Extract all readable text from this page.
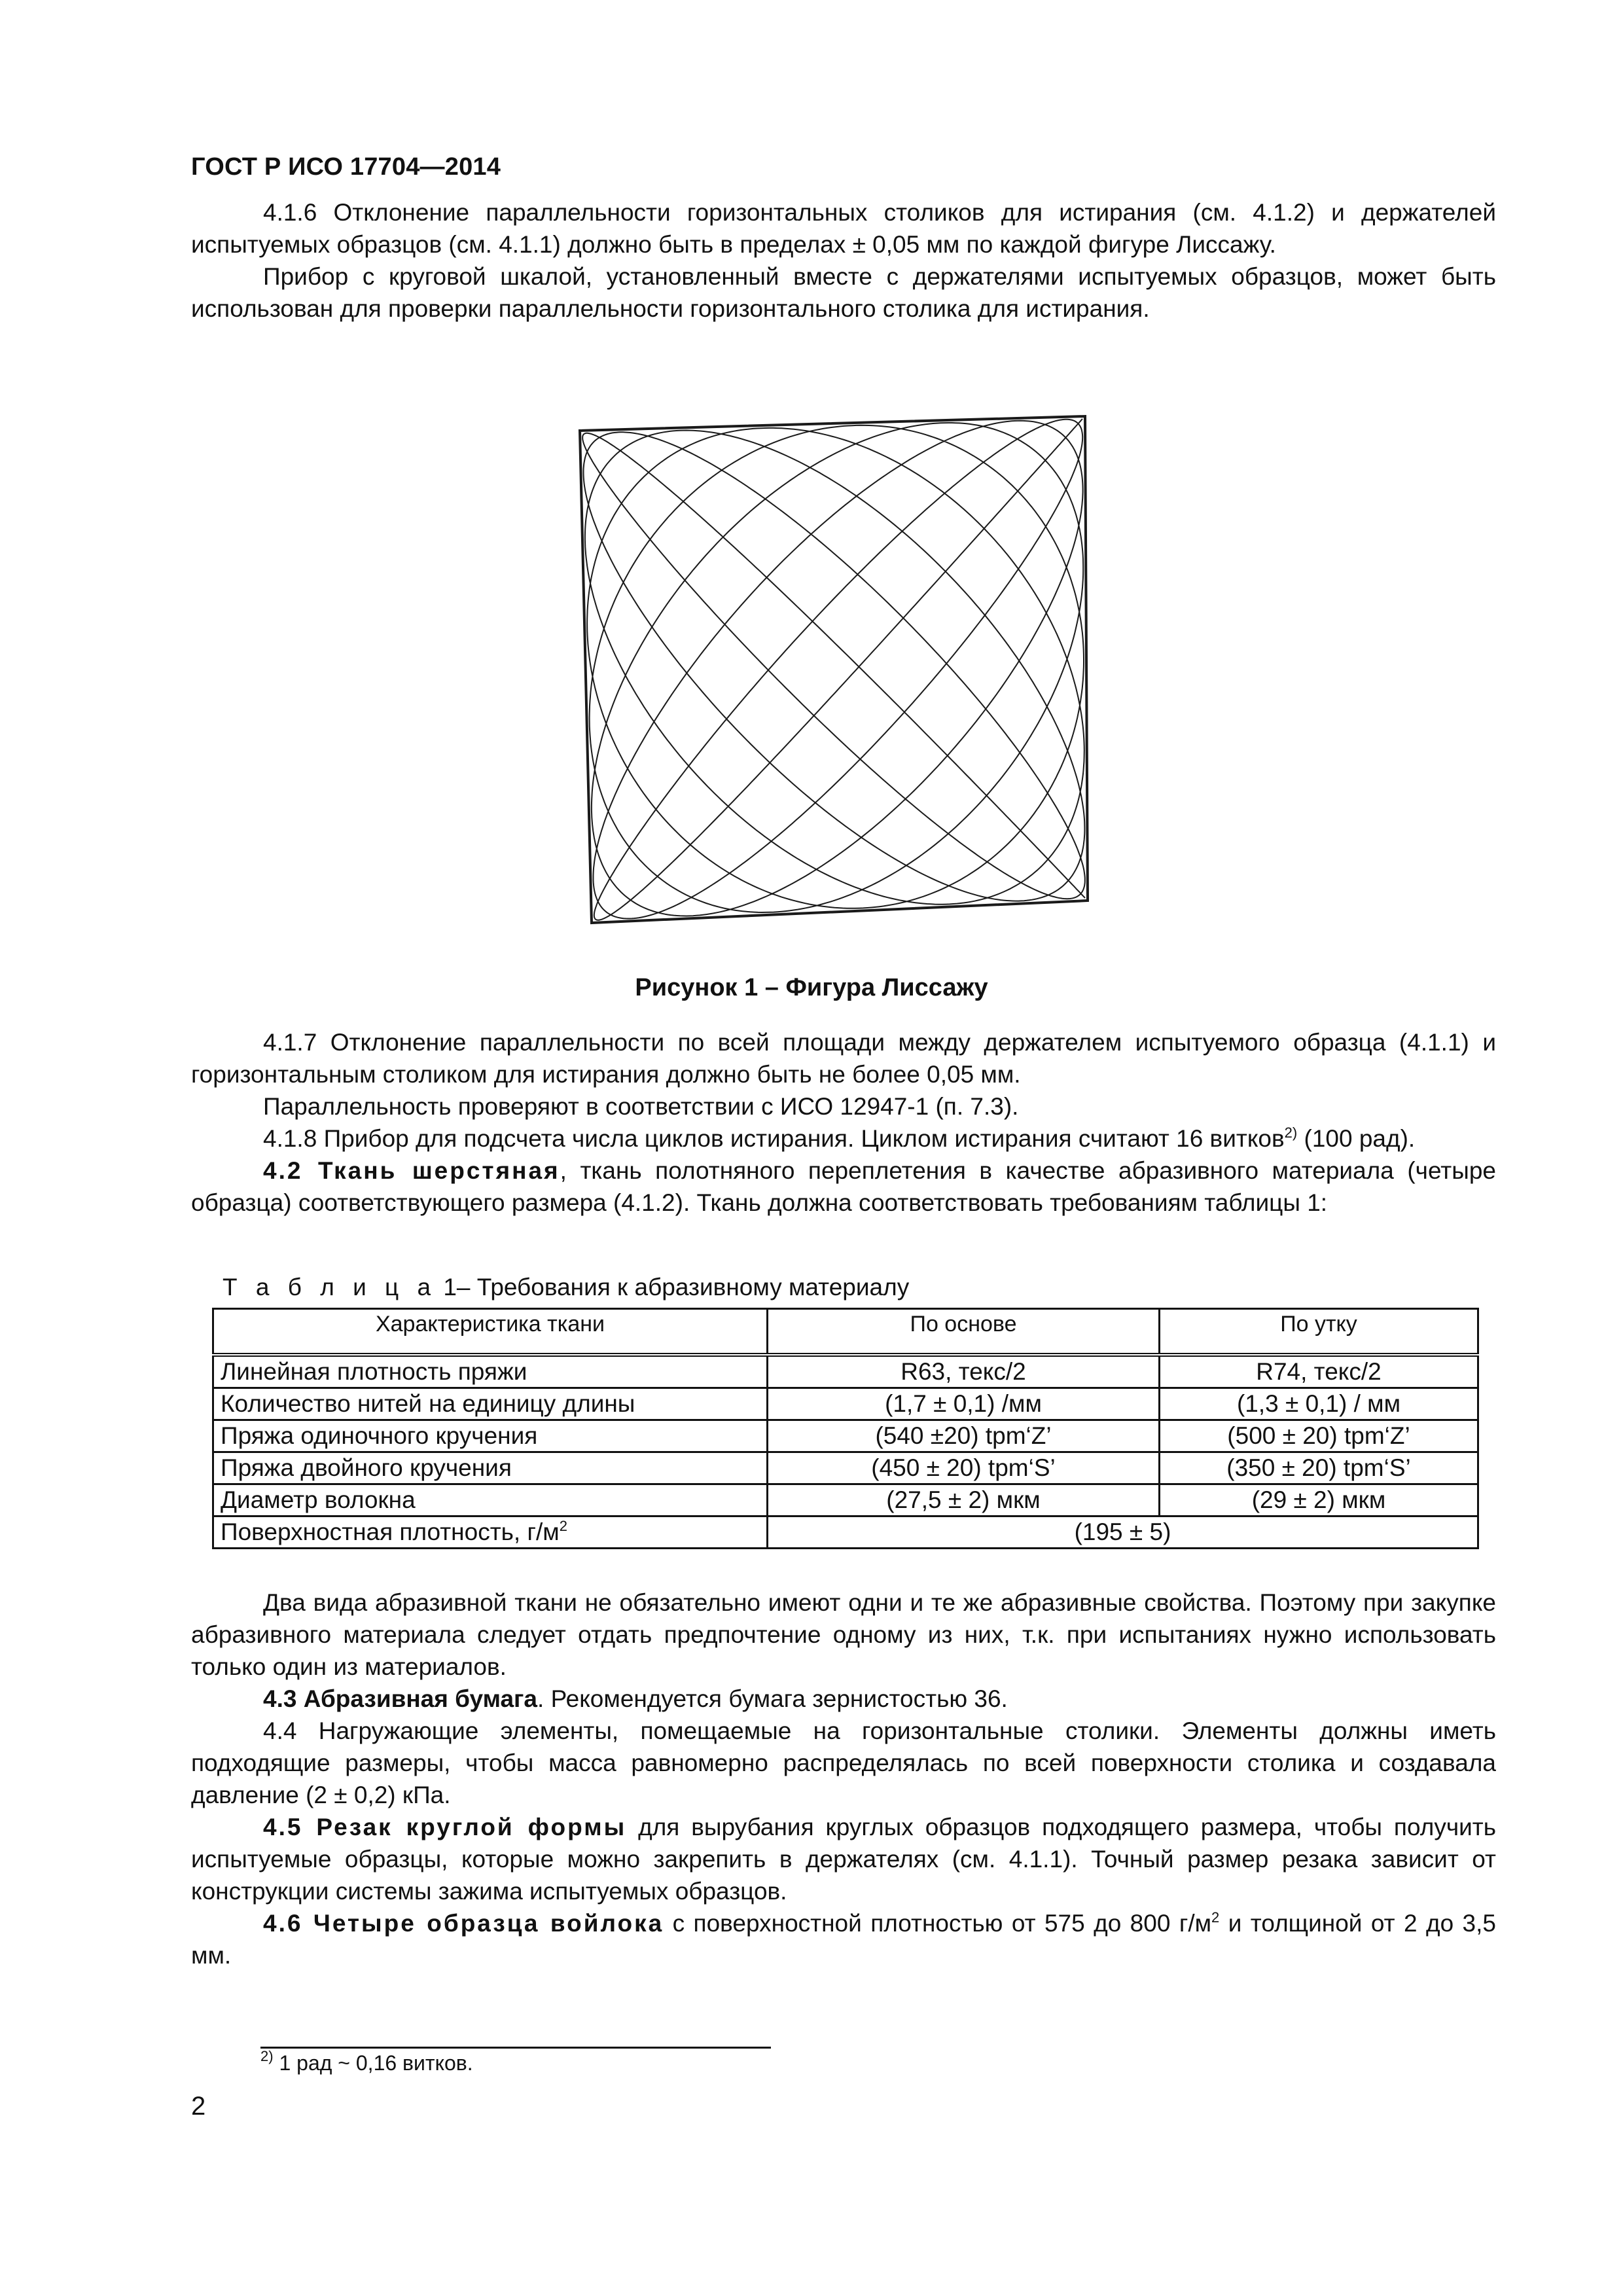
ГОСТ Р ИСО 17704—2014

4.1.6 Отклонение параллельности горизонтальных столиков для истирания (см. 4.1.2) и держателей испытуемых образцов (см. 4.1.1) должно быть в пределах ± 0,05 мм по каждой фигуре Лиссажу.

Прибор с круговой шкалой, установленный вместе с держателями испытуемых образцов, может быть использован для проверки параллельности горизонтального столика для истирания.

Рисунок 1 – Фигура Лиссажу

4.1.7 Отклонение параллельности по всей площади между держателем испытуемого образца (4.1.1) и горизонтальным столиком для истирания должно быть не более 0,05 мм.

Параллельность проверяют в соответствии с ИСО 12947-1 (п. 7.3).

4.1.8 Прибор для подсчета числа циклов истирания. Циклом истирания считают 16 витков$^{2)}$ (100 рад).

4.2 Ткань шерстяная, ткань полотняного переплетения в качестве абразивного материала (четыре образца) соответствующего размера (4.1.2). Ткань должна соответствовать требованиям таблицы 1:

Т а б л и ц а 1– Требования к абразивному материалу
Характеристика ткани	По основе	По утку
Линейная плотность пряжи	R63, текс/2	R74, текс/2
Количество нитей на единицу длины	(1,7 ± 0,1) /мм	(1,3 ± 0,1) / мм
Пряжа одиночного кручения	(540 ±20) tpm‘Z’	(500 ± 20) tpm‘Z’
Пряжа двойного кручения	(450 ± 20) tpm‘S’	(350 ± 20) tpm‘S’
Диаметр волокна	(27,5 ± 2) мкм	(29 ± 2) мкм
Поверхностная плотность, $г/м^2$	(195 ± 5)	

Два вида абразивной ткани не обязательно имеют одни и те же абразивные свойства. Поэтому при закупке абразивного материала следует отдать предпочтение одному из них, т.к. при испытаниях нужно использовать только один из материалов.

4.3 Абразивная бумага. Рекомендуется бумага зернистостью 36.

4.4 Нагружающие элементы, помещаемые на горизонтальные столики. Элементы должны иметь подходящие размеры, чтобы масса равномерно распределялась по всей поверхности столика и создавала давление (2 ± 0,2) кПа.

4.5 Резак круглой формы для вырубания круглых образцов подходящего размера, чтобы получить испытуемые образцы, которые можно закрепить в держателях (см. 4.1.1). Точный размер резака зависит от конструкции системы зажима испытуемых образцов.

4.6 Четыре образца войлока с поверхностной плотностью от 575 до 800 $г/м^2$ и толщиной от 2 до 3,5 мм.

$^{2)}$ 1 рад ~ 0,16 витков.
2
